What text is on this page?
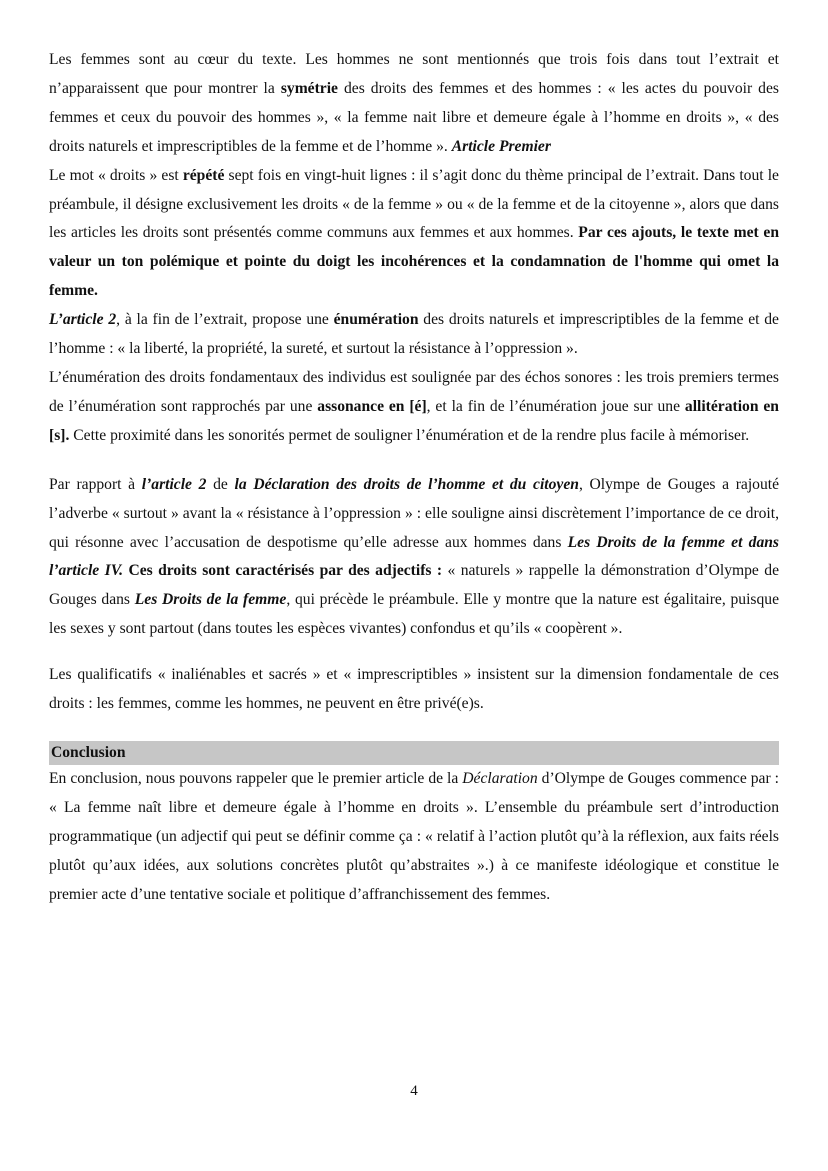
Les femmes sont au cœur du texte. Les hommes ne sont mentionnés que trois fois dans tout l’extrait et n’apparaissent que pour montrer la symétrie des droits des femmes et des hommes : « les actes du pouvoir des femmes et ceux du pouvoir des hommes », « la femme nait libre et demeure égale à l’homme en droits », « des droits naturels et imprescriptibles de la femme et de l’homme ». Article Premier

Le mot « droits » est répété sept fois en vingt-huit lignes : il s’agit donc du thème principal de l’extrait. Dans tout le préambule, il désigne exclusivement les droits « de la femme » ou « de la femme et de la citoyenne », alors que dans les articles les droits sont présentés comme communs aux femmes et aux hommes. Par ces ajouts, le texte met en valeur un ton polémique et pointe du doigt les incohérences et la condamnation de l'homme qui omet la femme.

L’article 2, à la fin de l’extrait, propose une énumération des droits naturels et imprescriptibles de la femme et de l’homme : « la liberté, la propriété, la sureté, et surtout la résistance à l’oppression ».

L’énumération des droits fondamentaux des individus est soulignée par des échos sonores : les trois premiers termes de l’énumération sont rapprochés par une assonance en [é], et la fin de l’énumération joue sur une allitération en [s]. Cette proximité dans les sonorités permet de souligner l’énumération et de la rendre plus facile à mémoriser.

Par rapport à l’article 2 de la Déclaration des droits de l’homme et du citoyen, Olympe de Gouges a rajouté l’adverbe « surtout » avant la « résistance à l’oppression » : elle souligne ainsi discrètement l’importance de ce droit, qui résonne avec l’accusation de despotisme qu’elle adresse aux hommes dans Les Droits de la femme et dans l’article IV. Ces droits sont caractérisés par des adjectifs : « naturels » rappelle la démonstration d’Olympe de Gouges dans Les Droits de la femme, qui précède le préambule. Elle y montre que la nature est égalitaire, puisque les sexes y sont partout (dans toutes les espèces vivantes) confondus et qu’ils « coopèrent ».

Les qualificatifs « inaliénables et sacrés » et « imprescriptibles » insistent sur la dimension fondamentale de ces droits : les femmes, comme les hommes, ne peuvent en être privé(e)s.

Conclusion

En conclusion, nous pouvons rappeler que le premier article de la Déclaration d’Olympe de Gouges commence par : « La femme naît libre et demeure égale à l’homme en droits ». L’ensemble du préambule sert d’introduction programmatique (un adjectif qui peut se définir comme ça : « relatif à l’action plutôt qu’à la réflexion, aux faits réels plutôt qu’aux idées, aux solutions concrètes plutôt qu’abstraites ».) à ce manifeste idéologique et constitue le premier acte d’une tentative sociale et politique d’affranchissement des femmes.

4
